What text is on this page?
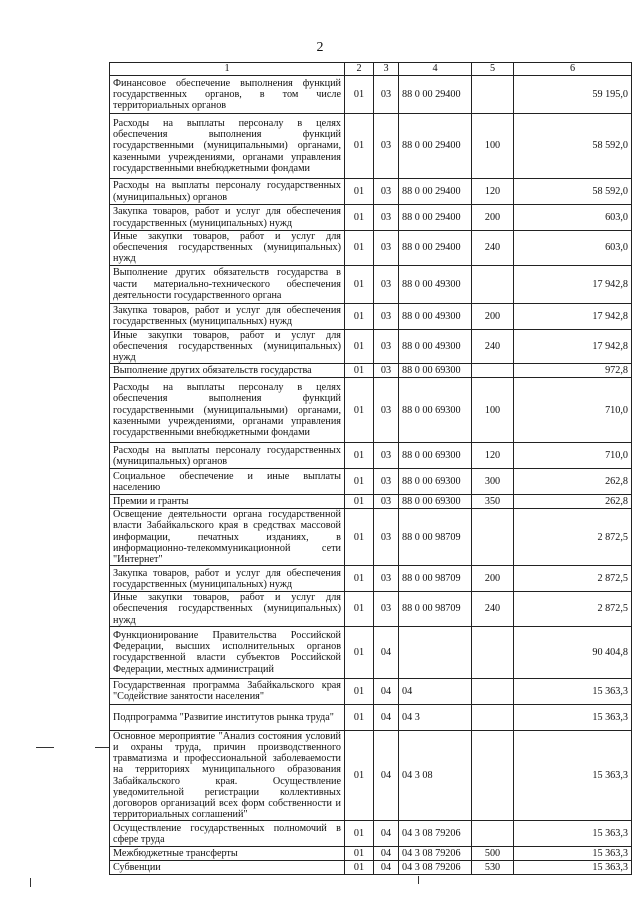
2
1	2	3	4	5	6
Финансовое обеспечение выполнения функций государственных органов, в том числе территориальных органов	01	03	88 0 00 29400		59 195,0
Расходы на выплаты персоналу в целях обеспечения выполнения функций государственными (муниципальными) органами, казенными учреждениями, органами управления государственными внебюджетными фондами	01	03	88 0 00 29400	100	58 592,0
Расходы на выплаты персоналу государственных (муниципальных) органов	01	03	88 0 00 29400	120	58 592,0
Закупка товаров, работ и услуг для обеспечения государственных (муниципальных) нужд	01	03	88 0 00 29400	200	603,0
Иные закупки товаров, работ и услуг для обеспечения государственных (муниципальных) нужд	01	03	88 0 00 29400	240	603,0
Выполнение других обязательств государства в части материально-технического обеспечения деятельности государственного органа	01	03	88 0 00 49300		17 942,8
Закупка товаров, работ и услуг для обеспечения государственных (муниципальных) нужд	01	03	88 0 00 49300	200	17 942,8
Иные закупки товаров, работ и услуг для обеспечения государственных (муниципальных) нужд	01	03	88 0 00 49300	240	17 942,8
Выполнение других обязательств государства	01	03	88 0 00 69300		972,8
Расходы на выплаты персоналу в целях обеспечения выполнения функций государственными (муниципальными) органами, казенными учреждениями, органами управления государственными внебюджетными фондами	01	03	88 0 00 69300	100	710,0
Расходы на выплаты персоналу государственных (муниципальных) органов	01	03	88 0 00 69300	120	710,0
Социальное обеспечение и иные выплаты населению	01	03	88 0 00 69300	300	262,8
Премии и гранты	01	03	88 0 00 69300	350	262,8
Освещение деятельности органа государственной власти Забайкальского края в средствах массовой информации, печатных изданиях, в информационно-телекоммуникационной сети "Интернет"	01	03	88 0 00 98709		2 872,5
Закупка товаров, работ и услуг для обеспечения государственных (муниципальных) нужд	01	03	88 0 00 98709	200	2 872,5
Иные закупки товаров, работ и услуг для обеспечения государственных (муниципальных) нужд	01	03	88 0 00 98709	240	2 872,5
Функционирование Правительства Российской Федерации, высших исполнительных органов государственной власти субъектов Российской Федерации, местных администраций	01	04			90 404,8
Государственная программа Забайкальского края "Содействие занятости населения"	01	04	04		15 363,3
Подпрограмма "Развитие институтов рынка труда"	01	04	04 3		15 363,3
Основное мероприятие "Анализ состояния условий и охраны труда, причин производственного травматизма и профессиональной заболеваемости на территориях муниципального образования Забайкальского края. Осуществление уведомительной регистрации коллективных договоров организаций всех форм собственности и территориальных соглашений"	01	04	04 3 08		15 363,3
Осуществление государственных полномочий в сфере труда	01	04	04 3 08 79206		15 363,3
Межбюджетные трансферты	01	04	04 3 08 79206	500	15 363,3
Субвенции	01	04	04 3 08 79206	530	15 363,3
